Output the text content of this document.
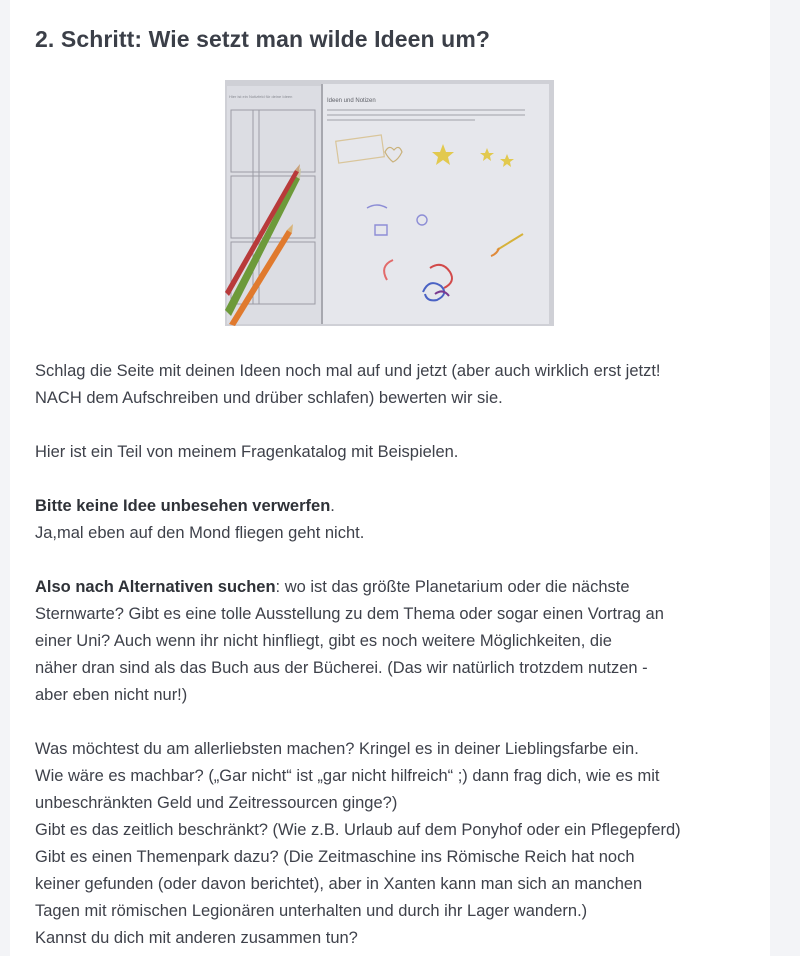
2. Schritt: Wie setzt man wilde Ideen um?
Hier ist ein Notizfeld für deine Ideen
Ideen und Notizen
Schlag die Seite mit deinen Ideen noch mal auf und jetzt (aber auch wirklich erst jetzt!
NACH dem Aufschreiben und drüber schlafen) bewerten wir sie.
Hier ist ein Teil von meinem Fragenkatalog mit Beispielen.
Bitte keine Idee unbesehen verwerfen.
Ja,mal eben auf den Mond fliegen geht nicht.
Also nach Alternativen suchen: wo ist das größte Planetarium oder die nächste
Sternwarte? Gibt es eine tolle Ausstellung zu dem Thema oder sogar einen Vortrag an
einer Uni? Auch wenn ihr nicht hinfliegt, gibt es noch weitere Möglichkeiten, die
näher dran sind als das Buch aus der Bücherei. (Das wir natürlich trotzdem nutzen -
aber eben nicht nur!)
Was möchtest du am allerliebsten machen? Kringel es in deiner Lieblingsfarbe ein.
Wie wäre es machbar? („Gar nicht“ ist „gar nicht hilfreich“ ;) dann frag dich, wie es mit
unbeschränkten Geld und Zeitressourcen ginge?)
Gibt es das zeitlich beschränkt? (Wie z.B. Urlaub auf dem Ponyhof oder ein Pflegepferd)
Gibt es einen Themenpark dazu? (Die Zeitmaschine ins Römische Reich hat noch
keiner gefunden (oder davon berichtet), aber in Xanten kann man sich an manchen
Tagen mit römischen Legionären unterhalten und durch ihr Lager wandern.)
Kannst du dich mit anderen zusammen tun?
